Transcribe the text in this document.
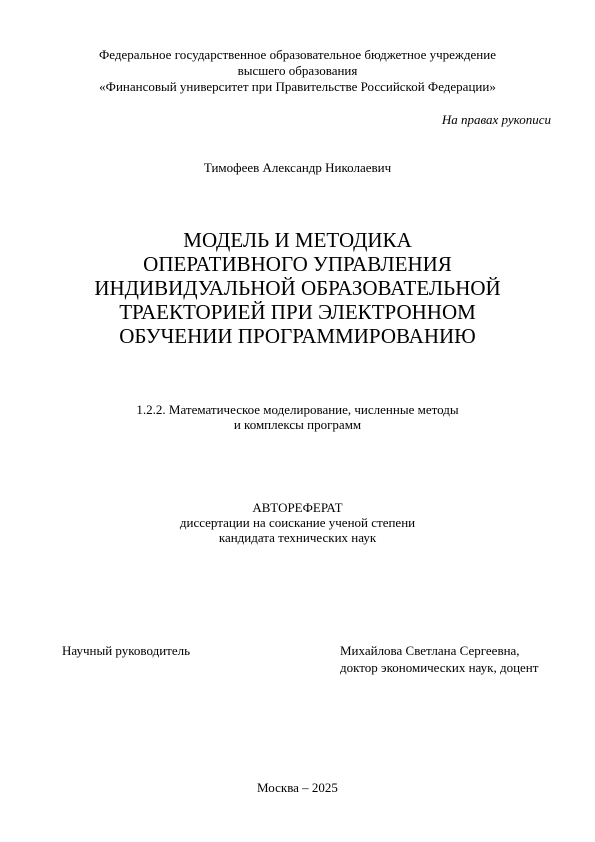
Федеральное государственное образовательное бюджетное учреждение
высшего образования
«Финансовый университет при Правительстве Российской Федерации»
На правах рукописи
Тимофеев Александр Николаевич
МОДЕЛЬ И МЕТОДИКА
ОПЕРАТИВНОГО УПРАВЛЕНИЯ
ИНДИВИДУАЛЬНОЙ ОБРАЗОВАТЕЛЬНОЙ
ТРАЕКТОРИЕЙ ПРИ ЭЛЕКТРОННОМ
ОБУЧЕНИИ ПРОГРАММИРОВАНИЮ
1.2.2. Математическое моделирование, численные методы
и комплексы программ
АВТОРЕФЕРАТ
диссертации на соискание ученой степени
кандидата технических наук
Научный руководитель	Михайлова Светлана Сергеевна,
доктор экономических наук, доцент
Москва – 2025
